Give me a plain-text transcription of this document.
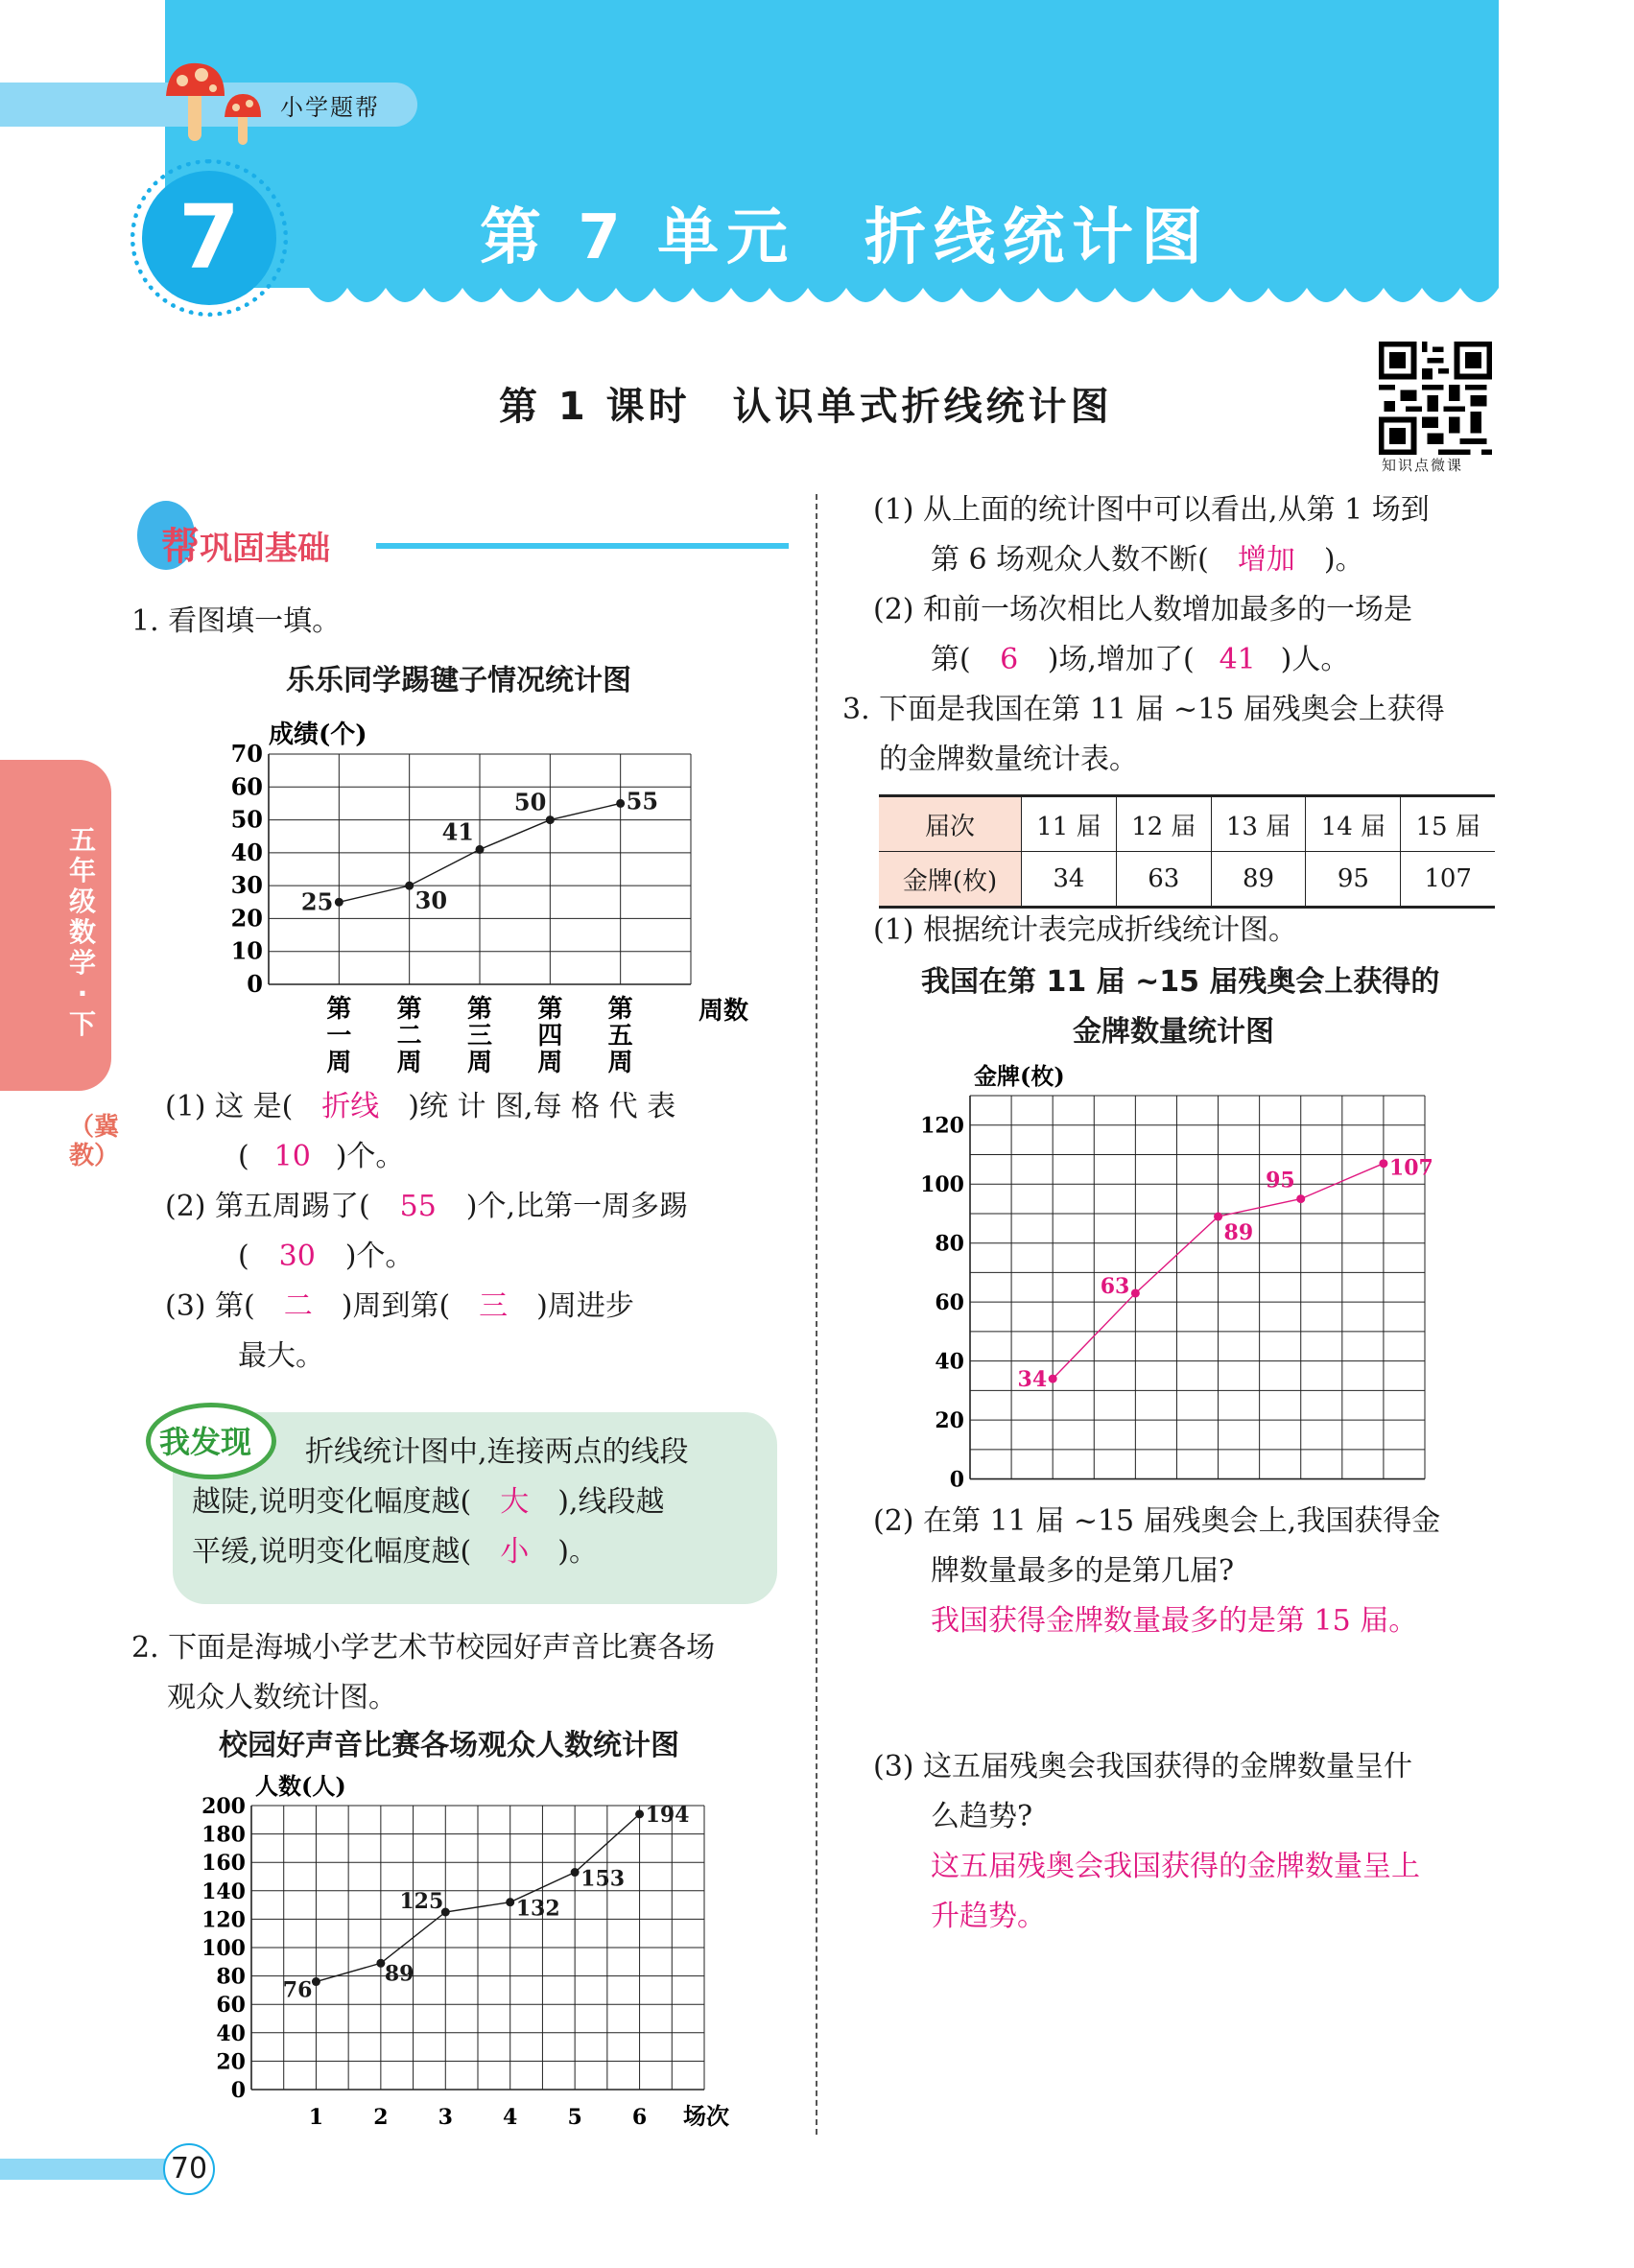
小学题帮
7	第 7 单元　折线统计图
第 1 课时　认识单式折线统计图
知识点微课
五年级数学·下
（冀教）
帮巩固基础
1. 看图填一填。
乐乐同学踢毽子情况统计图
0
10
20
30
40
50
60
70
成绩(个)
第
一
周
第
二
周
第
三
周
第
四
周
第
五
周
周数
25	30
41
50	55
(1) 这 是( 折线 )统 计 图,每 格 代 表
( 10 )个。
(2) 第五周踢了( 55 )个,比第一周多踢
( 30 )个。
(3) 第( 二 )周到第( 三 )周进步
最大。
我发现 折线统计图中,连接两点的线段
越陡,说明变化幅度越( 大 ),线段越
平缓,说明变化幅度越( 小 )。
2. 下面是海城小学艺术节校园好声音比赛各场
观众人数统计图。
校园好声音比赛各场观众人数统计图
0
20
40
60
80
100
120
140
160
180
200
人数(人)
1 2 3 4 5 6 场次
76
89
125	132
153
194
(1) 从上面的统计图中可以看出,从第 1 场到
第 6 场观众人数不断( 增加 )。
(2) 和前一场次相比人数增加最多的一场是
第( 6 )场,增加了( 41 )人。
3. 下面是我国在第 11 届 ~15 届残奥会上获得
的金牌数量统计表。
届次	11 届	12 届	13 届	14 届	15 届
金牌(枚)	34	63	89	95	107
(1) 根据统计表完成折线统计图。
我国在第 11 届 ~15 届残奥会上获得的
金牌数量统计图
0
20
40
60
80
100
120
金牌(枚)
34
63
89
95	107
(2) 在第 11 届 ~15 届残奥会上,我国获得金
牌数量最多的是第几届?
我国获得金牌数量最多的是第 15 届。
(3) 这五届残奥会我国获得的金牌数量呈什
么趋势?
这五届残奥会我国获得的金牌数量呈上
升趋势。
70
